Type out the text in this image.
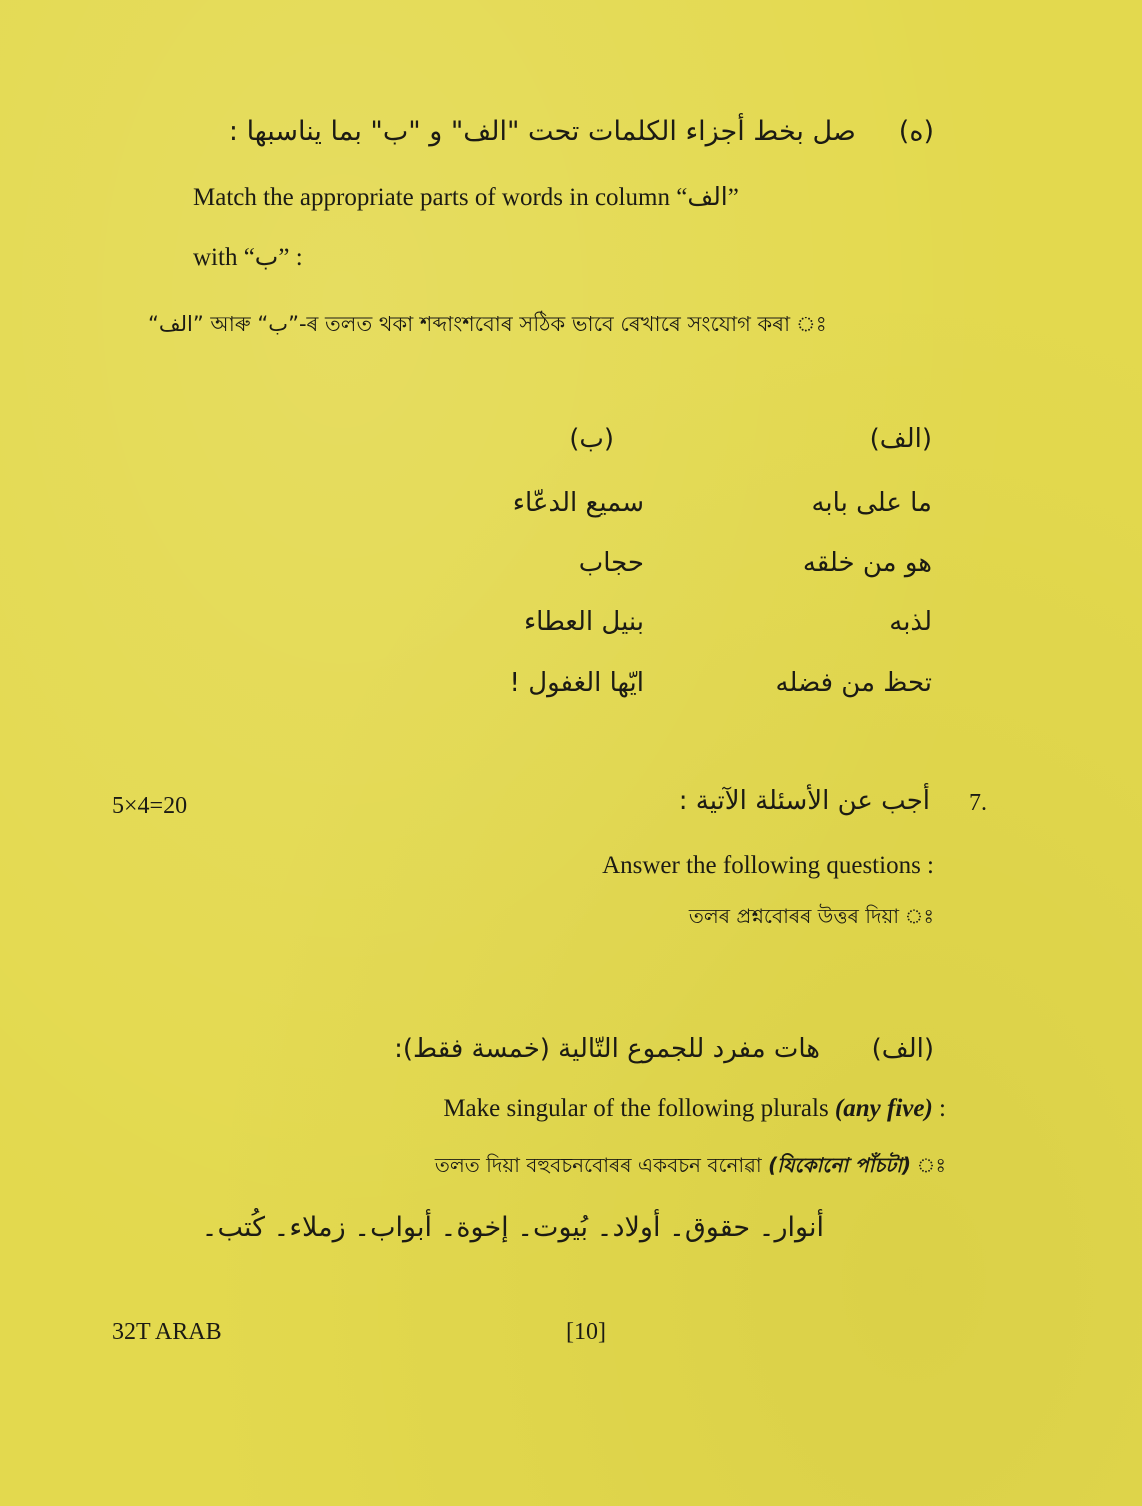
(ه)     صل بخط أجزاء الكلمات تحت "الف" و "ب" بما يناسبها :
Match the appropriate parts of words in column “الف”
with “ب” :
“الف” আৰু “ب”-ৰ তলত থকা শব্দাংশবোৰ সঠিক ভাবে ৰেখাৰে সংযোগ কৰা ঃ
(الف)
(ب)
ما علی بابه
سميع الدعّاء
هو من خلقه
حجاب
لذبه
بنيل العطاء
تحظ من فضله
ايّها الغفول !
7.
أجب عن الأسئلة الآتية :
5×4=20
Answer the following questions :
তলৰ প্ৰশ্নবোৰৰ উত্তৰ দিয়া ঃ
(الف)
هات مفرد للجموع التّالية (خمسة فقط):
Make singular of the following plurals (any five) :
তলত দিয়া বহুবচনবোৰৰ একবচন বনোৱা (যিকোনো পাঁচটা) ঃ
أنوار۔ حقوق۔ أولاد۔ بُيوت۔ إخوة۔ أبواب۔ زملاء۔ كُتب۔
32T ARAB	[10]
